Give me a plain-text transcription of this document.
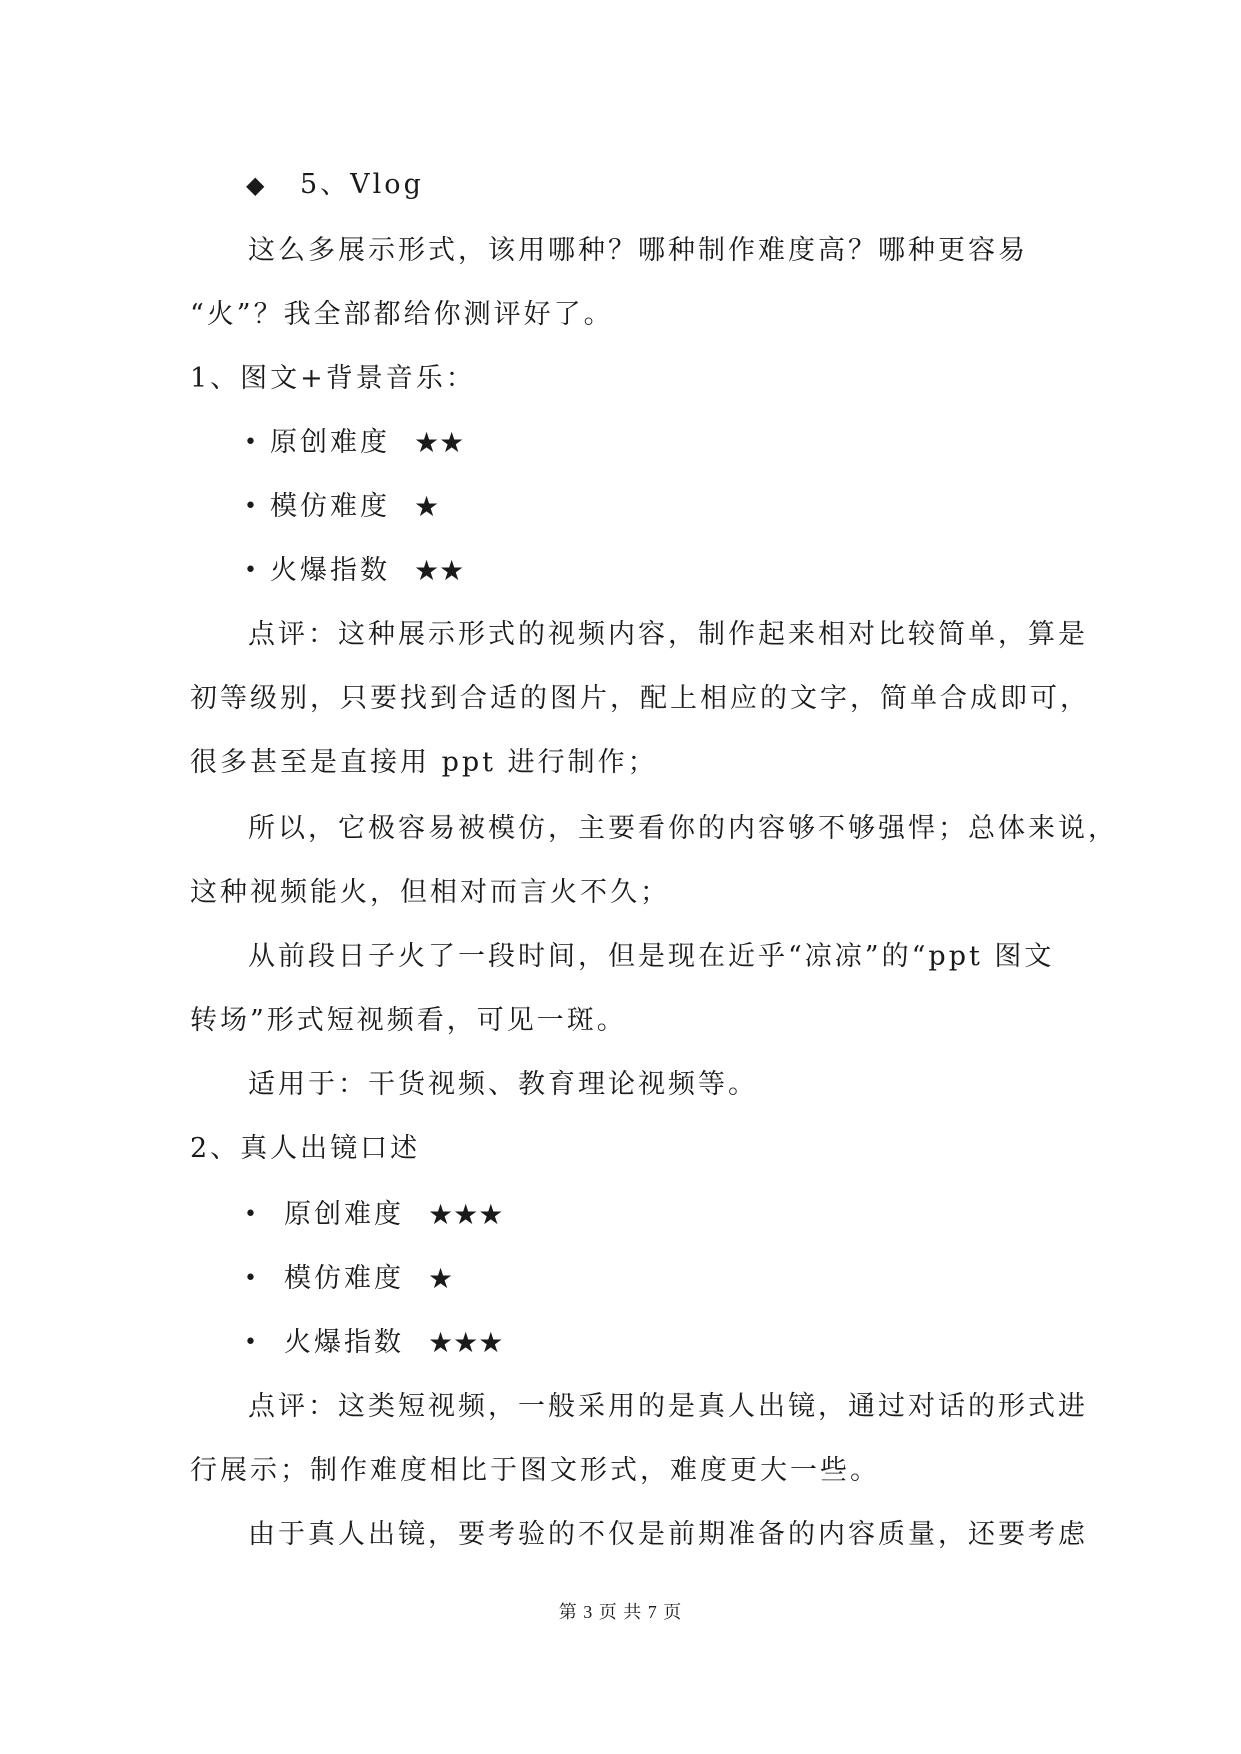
◆ 5、Vlog
这么多展示形式，该用哪种？哪种制作难度高？哪种更容易
“火”？我全部都给你测评好了。
1、图文+背景音乐：
• 原创难度 ★★
• 模仿难度 ★
• 火爆指数 ★★
点评：这种展示形式的视频内容，制作起来相对比较简单，算是
初等级别，只要找到合适的图片，配上相应的文字，简单合成即可，
很多甚至是直接用 ppt 进行制作；
所以，它极容易被模仿，主要看你的内容够不够强悍；总体来说，
这种视频能火，但相对而言火不久；
从前段日子火了一段时间，但是现在近乎“凉凉”的“ppt 图文
转场”形式短视频看，可见一斑。
适用于：干货视频、教育理论视频等。
2、真人出镜口述
• 原创难度 ★★★
• 模仿难度 ★
• 火爆指数 ★★★
点评：这类短视频，一般采用的是真人出镜，通过对话的形式进
行展示；制作难度相比于图文形式，难度更大一些。
由于真人出镜，要考验的不仅是前期准备的内容质量，还要考虑
第 3 页 共 7 页
